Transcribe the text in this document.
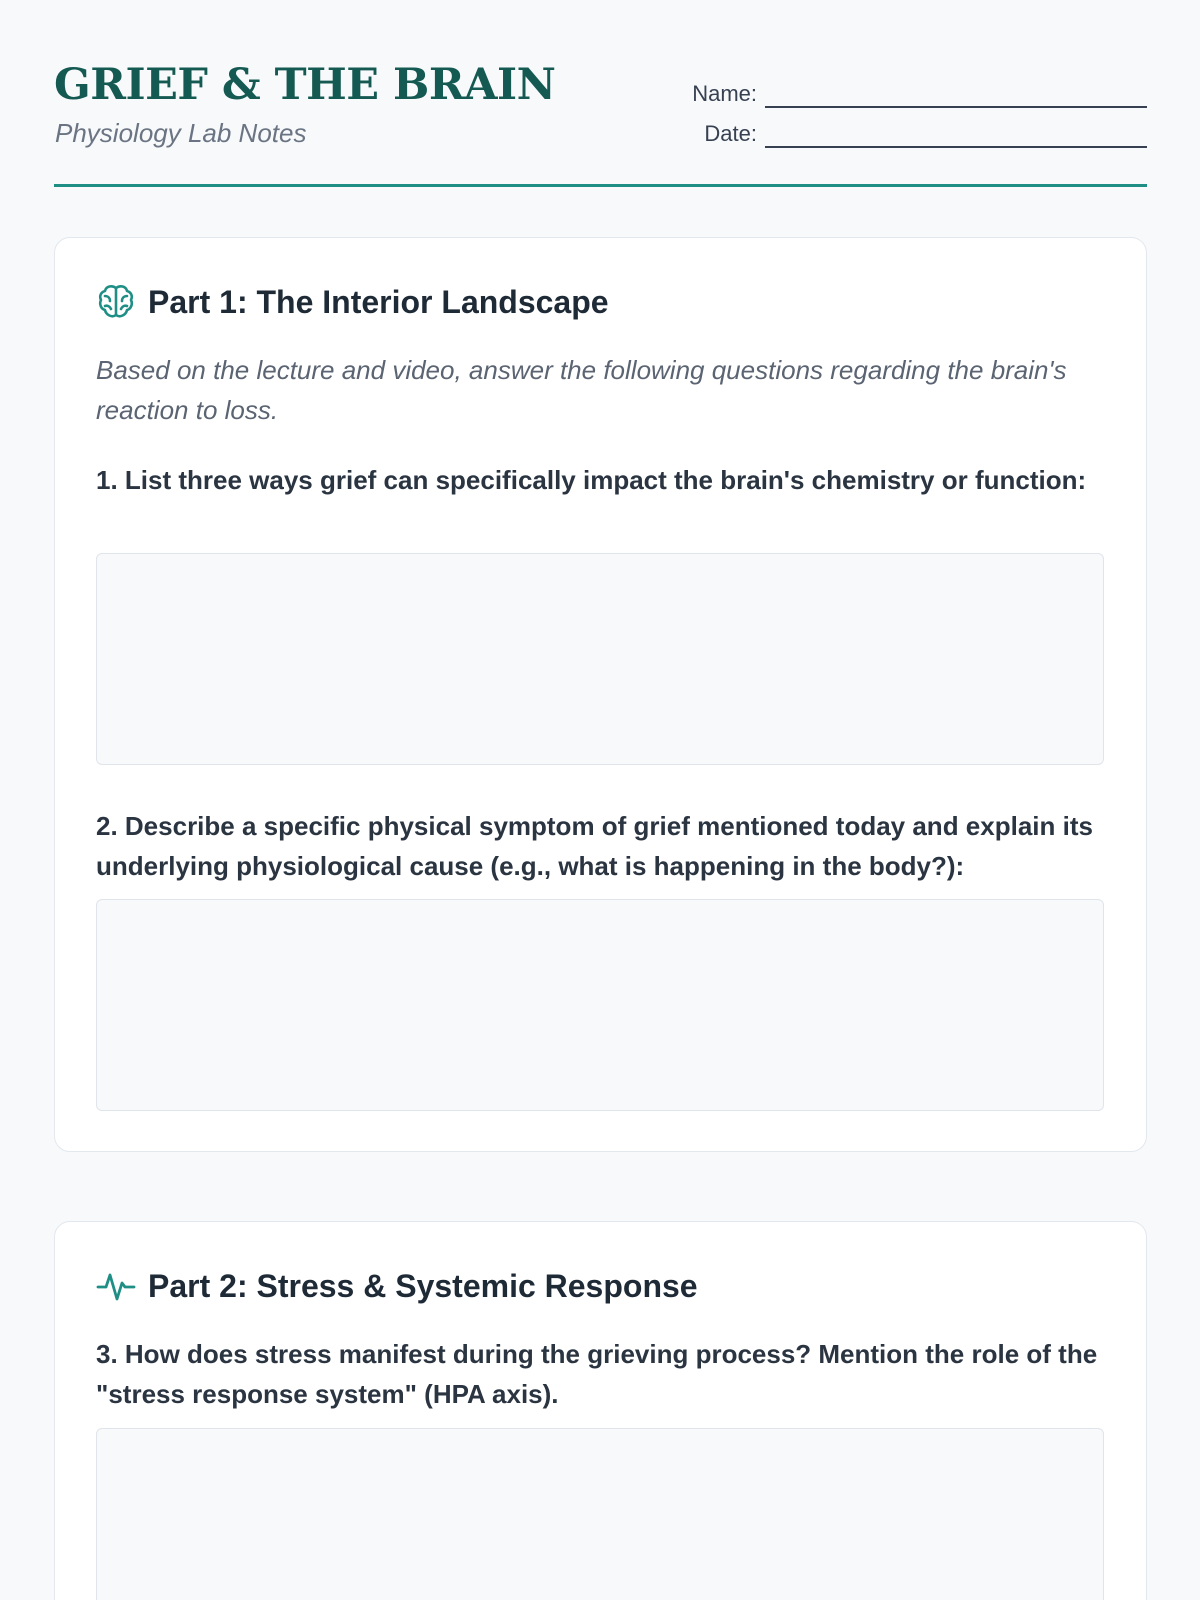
GRIEF & THE BRAIN
Physiology Lab Notes
Name:
Date:
Part 1: The Interior Landscape

Based on the lecture and video, answer the following questions regarding the brain's reaction to loss.

1. List three ways grief can specifically impact the brain's chemistry or function:

2. Describe a specific physical symptom of grief mentioned today and explain its underlying physiological cause (e.g., what is happening in the body?):

Part 2: Stress & Systemic Response

3. How does stress manifest during the grieving process? Mention the role of the "stress response system" (HPA axis).
